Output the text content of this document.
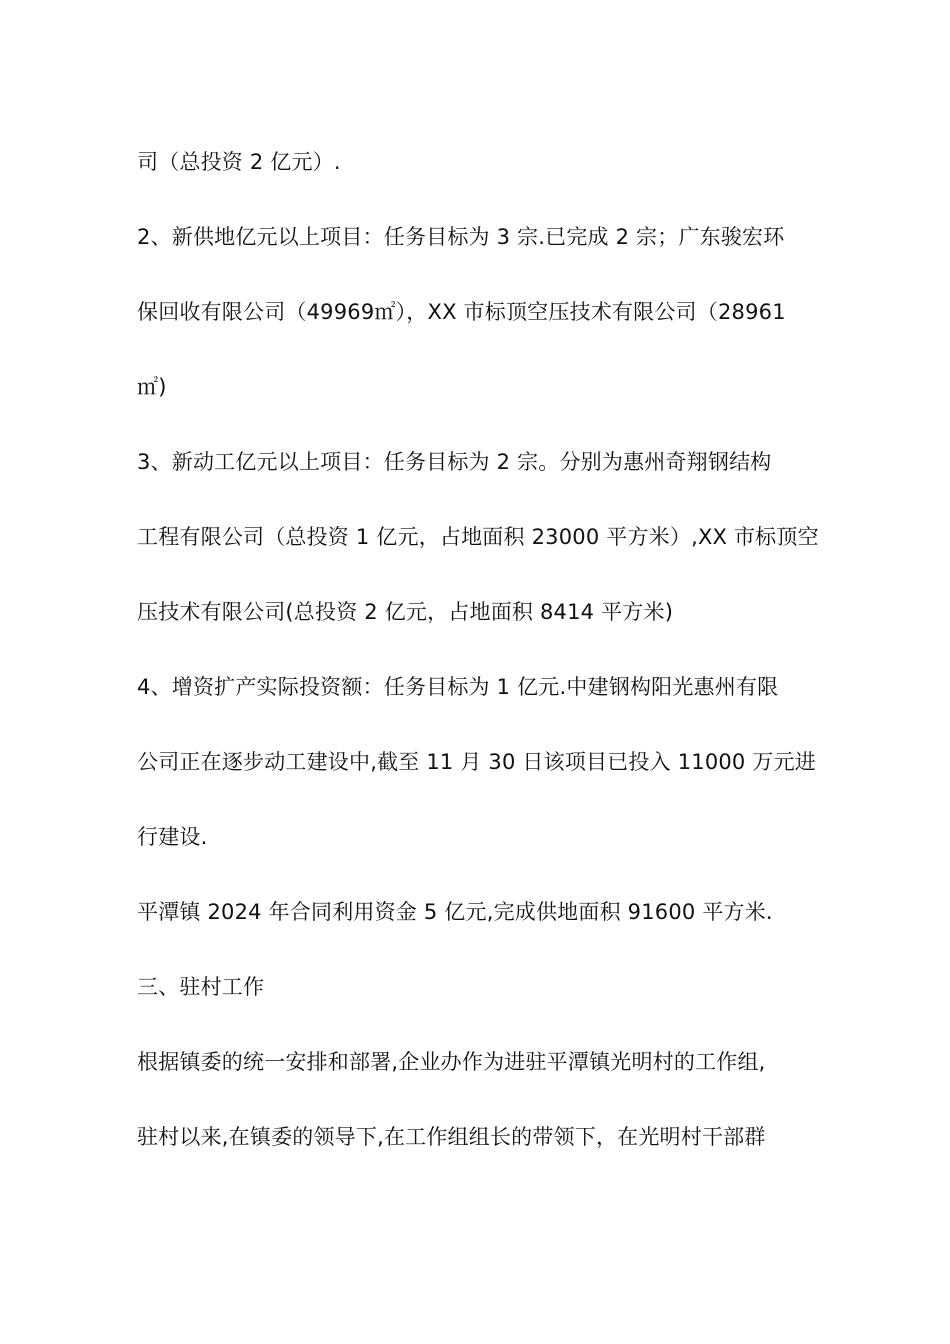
司（总投资 2 亿元）.
2、新供地亿元以上项目：任务目标为 3 宗.已完成 2 宗；广东骏宏环
保回收有限公司（49969㎡），XX 市标顶空压技术有限公司（28961
㎡)
3、新动工亿元以上项目：任务目标为 2 宗。分别为惠州奇翔钢结构
工程有限公司（总投资 1 亿元，占地面积 23000 平方米）,XX 市标顶空
压技术有限公司(总投资 2 亿元，占地面积 8414 平方米)
4、增资扩产实际投资额：任务目标为 1 亿元.中建钢构阳光惠州有限
公司正在逐步动工建设中,截至 11 月 30 日该项目已投入 11000 万元进
行建设.
平潭镇 2024 年合同利用资金 5 亿元,完成供地面积 91600 平方米.
三、驻村工作
根据镇委的统一安排和部署,企业办作为进驻平潭镇光明村的工作组,
驻村以来,在镇委的领导下,在工作组组长的带领下，在光明村干部群
